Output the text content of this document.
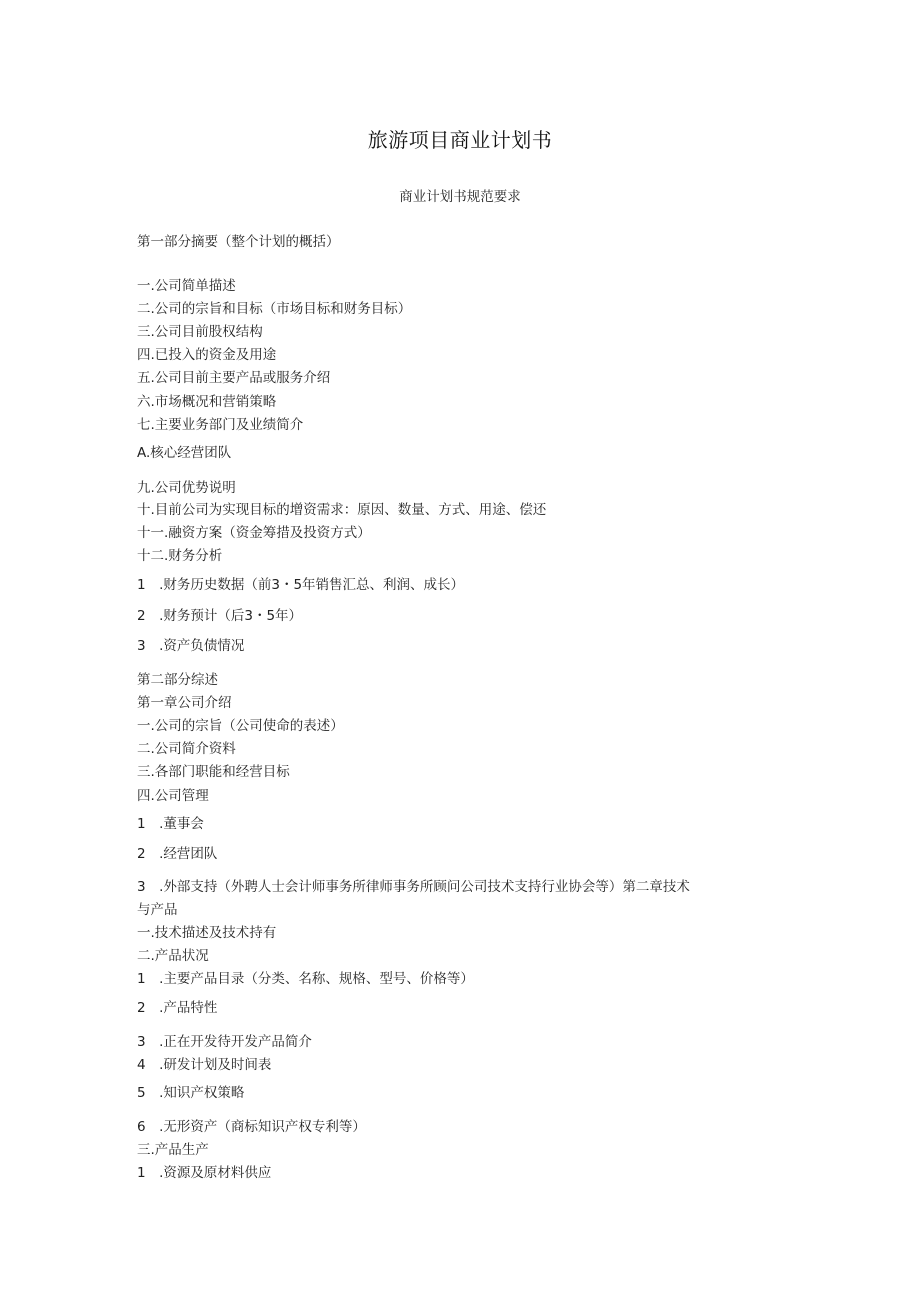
旅游项目商业计划书
商业计划书规范要求
第一部分摘要（整个计划的概括）
一.公司简单描述
二.公司的宗旨和目标（市场目标和财务目标）
三.公司目前股权结构
四.已投入的资金及用途
五.公司目前主要产品或服务介绍
六.市场概况和营销策略
七.主要业务部门及业绩简介
A.核心经营团队
九.公司优势说明
十.目前公司为实现目标的增资需求：原因、数量、方式、用途、偿还
十一.融资方案（资金筹措及投资方式）
十二.财务分析
1　.财务历史数据（前3・5年销售汇总、利润、成长）
2　.财务预计（后3・5年）
3　.资产负债情况
第二部分综述
第一章公司介绍
一.公司的宗旨（公司使命的表述）
二.公司简介资料
三.各部门职能和经营目标
四.公司管理
1　.董事会
2　.经营团队
3　.外部支持（外聘人士会计师事务所律师事务所顾问公司技术支持行业协会等）第二章技术
与产品
一.技术描述及技术持有
二.产品状况
1　.主要产品目录（分类、名称、规格、型号、价格等）
2　.产品特性
3　.正在开发待开发产品简介
4　.研发计划及时间表
5　.知识产权策略
6　.无形资产（商标知识产权专利等）
三.产品生产
1　.资源及原材料供应
